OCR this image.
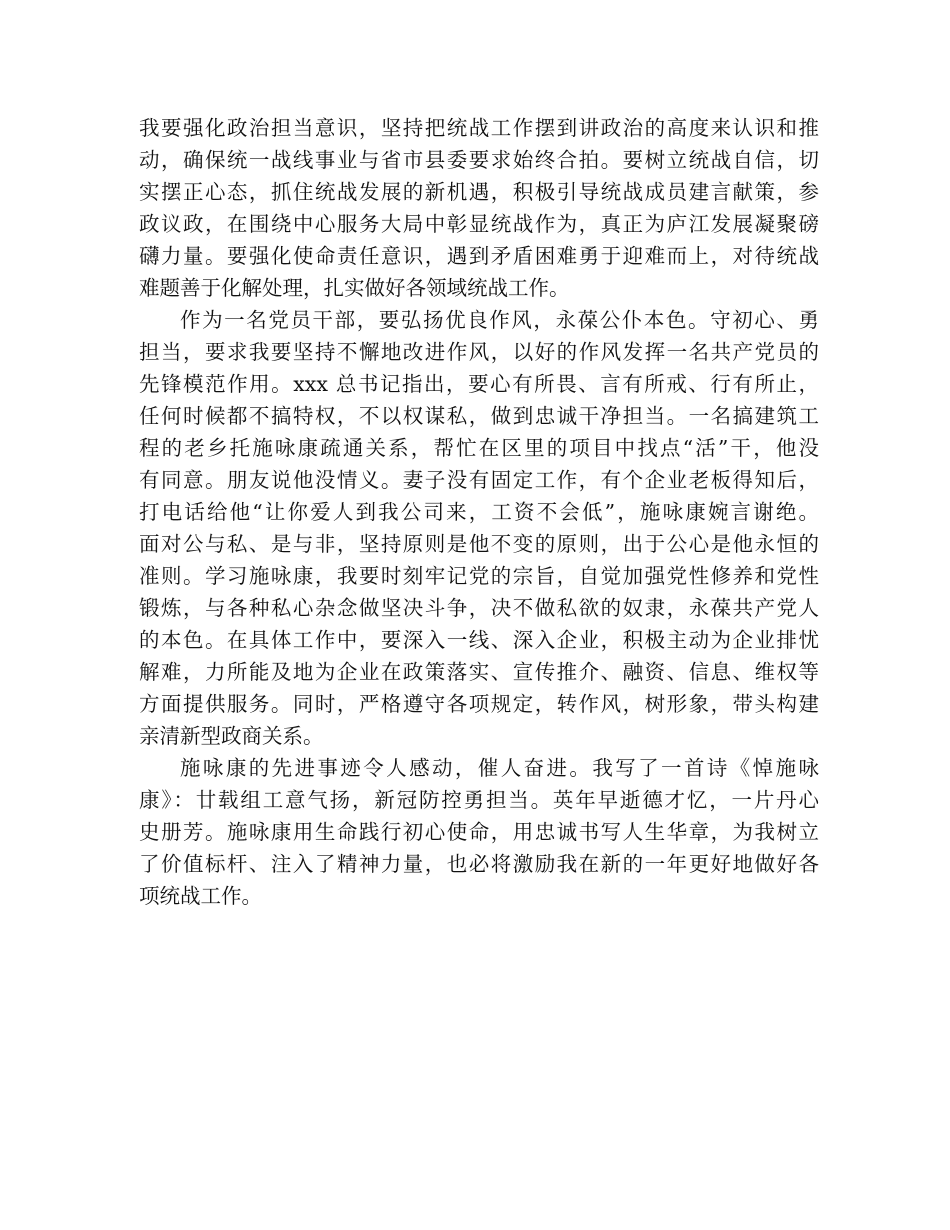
我要强化政治担当意识，坚持把统战工作摆到讲政治的高度来认识和推
动，确保统一战线事业与省市县委要求始终合拍。要树立统战自信，切
实摆正心态，抓住统战发展的新机遇，积极引导统战成员建言献策，参
政议政，在围绕中心服务大局中彰显统战作为，真正为庐江发展凝聚磅
礴力量。要强化使命责任意识，遇到矛盾困难勇于迎难而上，对待统战
难题善于化解处理，扎实做好各领域统战工作。
作为一名党员干部，要弘扬优良作风，永葆公仆本色。守初心、勇
担当，要求我要坚持不懈地改进作风，以好的作风发挥一名共产党员的
先锋模范作用。xxx 总书记指出，要心有所畏、言有所戒、行有所止，
任何时候都不搞特权，不以权谋私，做到忠诚干净担当。一名搞建筑工
程的老乡托施咏康疏通关系，帮忙在区里的项目中找点“活”干，他没
有同意。朋友说他没情义。妻子没有固定工作，有个企业老板得知后，
打电话给他“让你爱人到我公司来，工资不会低”，施咏康婉言谢绝。
面对公与私、是与非，坚持原则是他不变的原则，出于公心是他永恒的
准则。学习施咏康，我要时刻牢记党的宗旨，自觉加强党性修养和党性
锻炼，与各种私心杂念做坚决斗争，决不做私欲的奴隶，永葆共产党人
的本色。在具体工作中，要深入一线、深入企业，积极主动为企业排忧
解难，力所能及地为企业在政策落实、宣传推介、融资、信息、维权等
方面提供服务。同时，严格遵守各项规定，转作风，树形象，带头构建
亲清新型政商关系。
施咏康的先进事迹令人感动，催人奋进。我写了一首诗《悼施咏
康》：廿载组工意气扬，新冠防控勇担当。英年早逝德才忆，一片丹心
史册芳。施咏康用生命践行初心使命，用忠诚书写人生华章，为我树立
了价值标杆、注入了精神力量，也必将激励我在新的一年更好地做好各
项统战工作。
